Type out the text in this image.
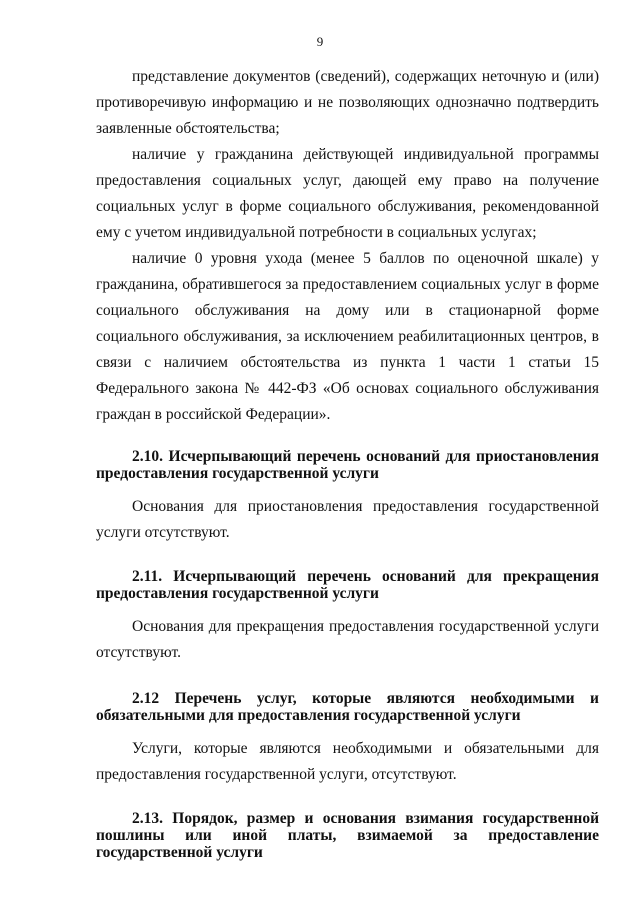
9

представление документов (сведений), содержащих неточную и (или) противоречивую информацию и не позволяющих однозначно подтвердить заявленные обстоятельства;

наличие у гражданина действующей индивидуальной программы предоставления социальных услуг, дающей ему право на получение социальных услуг в форме социального обслуживания, рекомендованной ему с учетом индивидуальной потребности в социальных услугах;

наличие 0 уровня ухода (менее 5 баллов по оценочной шкале) у гражданина, обратившегося за предоставлением социальных услуг в форме социального обслуживания на дому или в стационарной форме социального обслуживания, за исключением реабилитационных центров, в связи с наличием обстоятельства из пункта 1 части 1 статьи 15 Федерального закона № 442-ФЗ «Об основах социального обслуживания граждан в российской Федерации».

2.10. Исчерпывающий перечень оснований для приостановления предоставления государственной услуги

Основания для приостановления предоставления государственной услуги отсутствуют.

2.11. Исчерпывающий перечень оснований для прекращения предоставления государственной услуги

Основания для прекращения предоставления государственной услуги отсутствуют.

2.12 Перечень услуг, которые являются необходимыми и обязательными для предоставления государственной услуги

Услуги, которые являются необходимыми и обязательными для предоставления государственной услуги, отсутствуют.

2.13. Порядок, размер и основания взимания государственной пошлины или иной платы, взимаемой за предоставление государственной услуги
